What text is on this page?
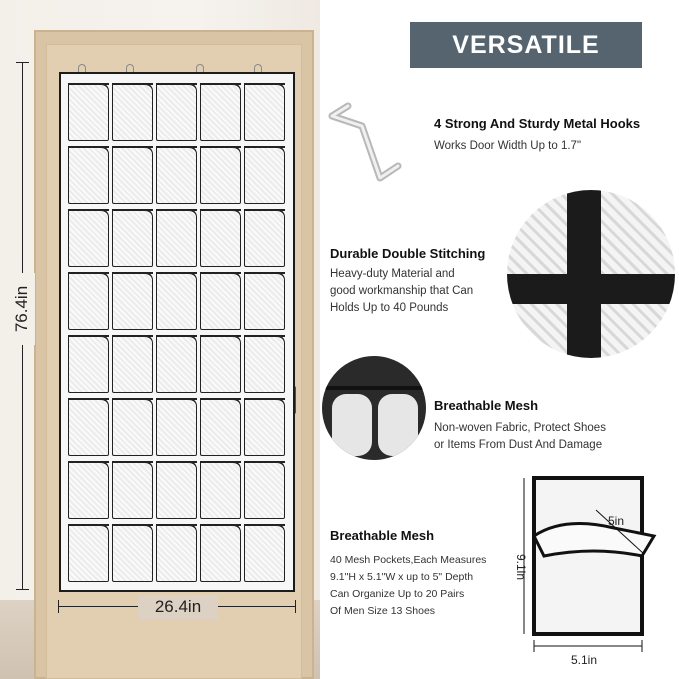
76.4in
26.4in
VERSATILE
4 Strong And Sturdy Metal Hooks
Works Door Width Up to 1.7"
Durable Double Stitching
Heavy-duty Material and
good workmanship that Can
Holds Up to 40 Pounds
Breathable Mesh
Non-woven Fabric, Protect Shoes
or Items From Dust And Damage
Breathable Mesh
40 Mesh Pockets,Each Measures
9.1"H x 5.1"W x up to 5" Depth
Can Organize Up to 20 Pairs
Of Men Size 13 Shoes
5in
9.1in
5.1in
